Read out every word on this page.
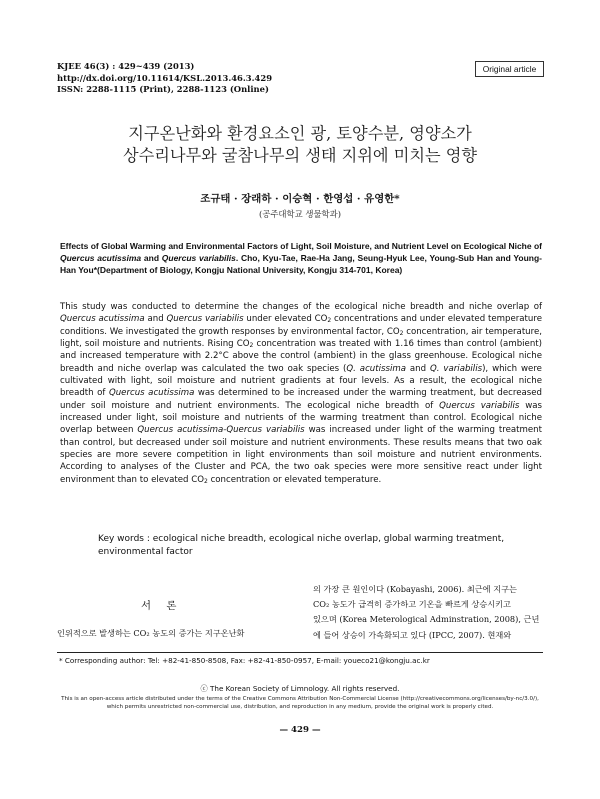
KJEE 46(3) : 429~439 (2013)
http://dx.doi.org/10.11614/KSL.2013.46.3.429
ISSN: 2288-1115 (Print), 2288-1123 (Online)
Original article
지구온난화와 환경요소인 광, 토양수분, 영양소가
상수리나무와 굴참나무의 생태 지위에 미치는 영향
조규태 · 장래하 · 이승혁 · 한영섭 · 유영한*
(공주대학교 생물학과)
Effects of Global Warming and Environmental Factors of Light, Soil Moisture, and Nutrient Level on Ecological Niche of Quercus acutissima and Quercus variabilis. Cho, Kyu-Tae, Rae-Ha Jang, Seung-Hyuk Lee, Young-Sub Han and Young-Han You*(Department of Biology, Kongju National University, Kongju 314-701, Korea)

This study was conducted to determine the changes of the ecological niche breadth and niche overlap of Quercus acutissima and Quercus variabilis under elevated $CO_2$ concentrations and under elevated temperature conditions. We investigated the growth responses by environmental factor, $CO_2$ concentration, air temperature, light, soil moisture and nutrients. Rising $CO_2$ concentration was treated with 1.16 times than control (ambient) and increased temperature with 2.2°C above the control (ambient) in the glass greenhouse. Ecological niche breadth and niche overlap was calculated the two oak species (Q. acutissima and Q. variabilis), which were cultivated with light, soil moisture and nutrient gradients at four levels. As a result, the ecological niche breadth of Quercus acutissima was determined to be increased under the warming treatment, but decreased under soil moisture and nutrient environments. The ecological niche breadth of Quercus variabilis was increased under light, soil moisture and nutrients of the warming treatment than control. Ecological niche overlap between Quercus acutissima-Quercus variabilis was increased under light of the warming treatment than control, but decreased under soil moisture and nutrient environments. These results means that two oak species are more severe competition in light environments than soil moisture and nutrient environments. According to analyses of the Cluster and PCA, the two oak species were more sensitive react under light environment than to elevated $CO_2$ concentration or elevated temperature.

Key words : ecological niche breadth, ecological niche overlap, global warming treatment, environmental factor
서 론
인위적으로 발생하는 CO₂ 농도의 증가는 지구온난화
의 가장 큰 원인이다 (Kobayashi, 2006). 최근에 지구는
CO₂ 농도가 급격히 증가하고 기온을 빠르게 상승시키고
있으며 (Korea Meterological Adminstration, 2008), 근년
에 들어 상승이 가속화되고 있다 (IPCC, 2007). 현재와
* Corresponding author: Tel: +82-41-850-8508, Fax: +82-41-850-0957, E-mail: youeco21@kongju.ac.kr
ⓒ The Korean Society of Limnology. All rights reserved.
This is an open-access article distributed under the terms of the Creative Commons Attribution Non-Commercial License (http://creativecommons.org/licenses/by-nc/3.0/),
which permits unrestricted non-commercial use, distribution, and reproduction in any medium, provide the original work is properly cited.
— 429 —
